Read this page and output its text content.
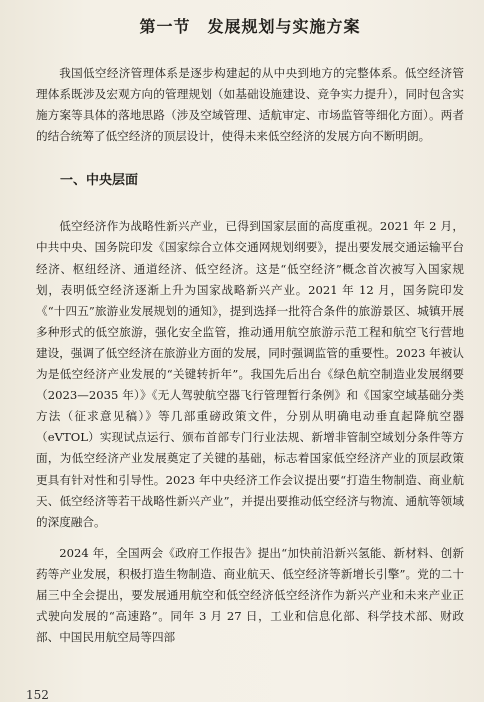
第一节　发展规划与实施方案

我国低空经济管理体系是逐步构建起的从中央到地方的完整体系。低空经济管理体系既涉及宏观方向的管理规划（如基础设施建设、竞争实力提升），同时包含实施方案等具体的落地思路（涉及空域管理、适航审定、市场监管等细化方面）。两者的结合统筹了低空经济的顶层设计，使得未来低空经济的发展方向不断明朗。

一、中央层面

低空经济作为战略性新兴产业，已得到国家层面的高度重视。2021 年 2 月，中共中央、国务院印发《国家综合立体交通网规划纲要》，提出要发展交通运输平台经济、枢纽经济、通道经济、低空经济。这是“低空经济”概念首次被写入国家规划，表明低空经济逐渐上升为国家战略新兴产业。2021 年 12 月，国务院印发《“十四五”旅游业发展规划的通知》，提到选择一批符合条件的旅游景区、城镇开展多种形式的低空旅游，强化安全监管，推动通用航空旅游示范工程和航空飞行营地建设，强调了低空经济在旅游业方面的发展，同时强调监管的重要性。2023 年被认为是低空经济产业发展的“关键转折年”。我国先后出台《绿色航空制造业发展纲要（2023—2035 年）》《无人驾驶航空器飞行管理暂行条例》和《国家空域基础分类方法（征求意见稿）》等几部重磅政策文件，分别从明确电动垂直起降航空器（eVTOL）实现试点运行、颁布首部专门行业法规、新增非管制空域划分条件等方面，为低空经济产业发展奠定了关键的基础，标志着国家低空经济产业的顶层政策更具有针对性和引导性。2023 年中央经济工作会议提出要“打造生物制造、商业航天、低空经济等若干战略性新兴产业”，并提出要推动低空经济与物流、通航等领域的深度融合。

2024 年，全国两会《政府工作报告》提出“加快前沿新兴氢能、新材料、创新药等产业发展，积极打造生物制造、商业航天、低空经济等新增长引擎”。党的二十届三中全会提出，要发展通用航空和低空经济低空经济作为新兴产业和未来产业正式驶向发展的“高速路”。同年 3 月 27 日，工业和信息化部、科学技术部、财政部、中国民用航空局等四部

152
